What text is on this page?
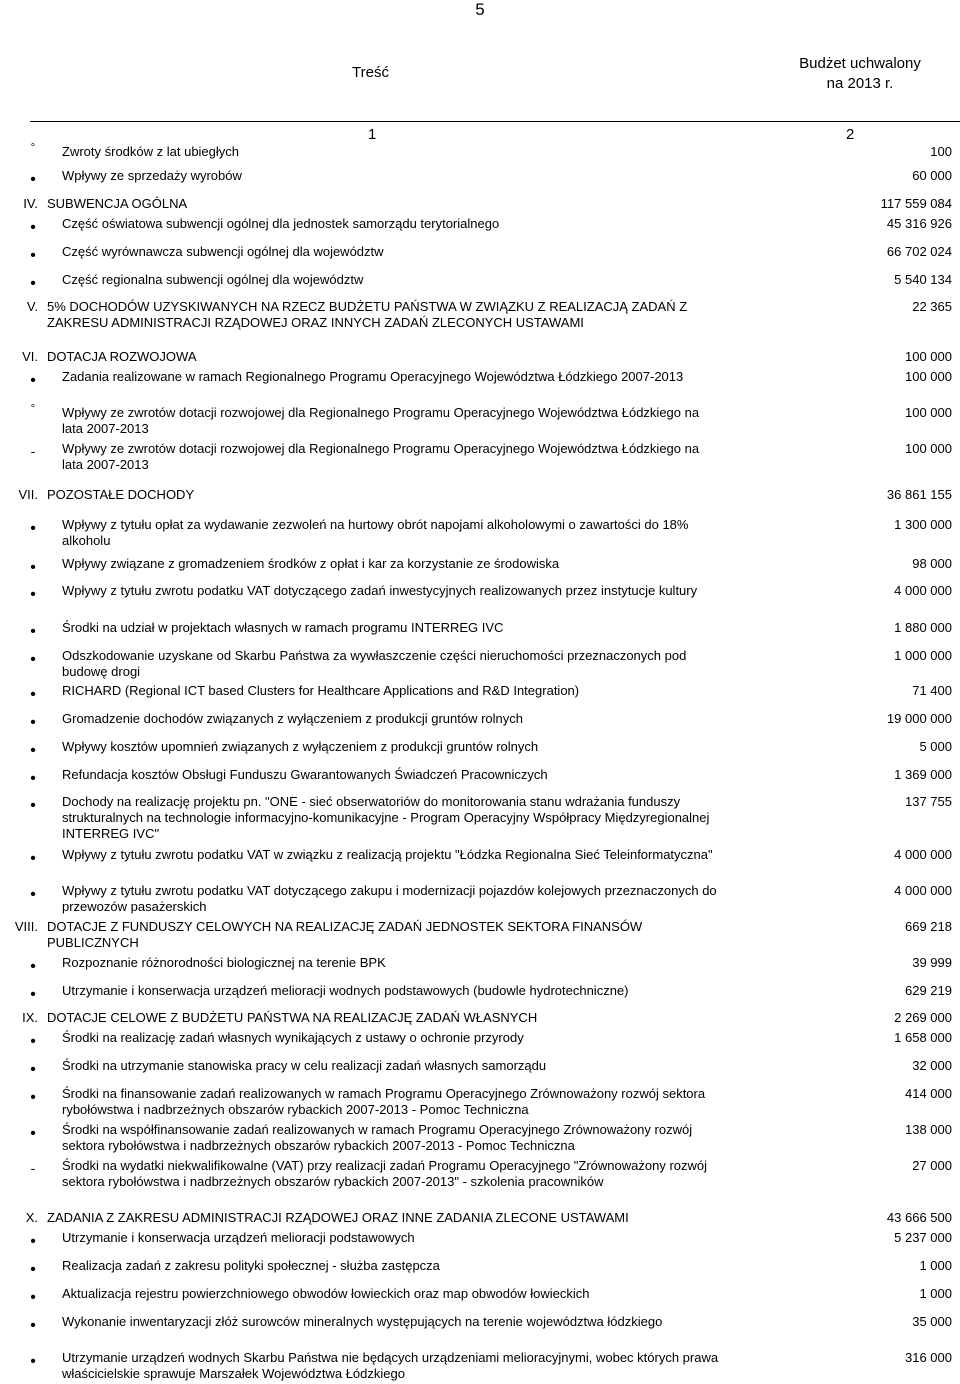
5
Treść
Budżet uchwalony na 2013 r.
1	2
°	Zwroty środków z lat ubiegłych	100
•	Wpływy ze sprzedaży wyrobów	60 000
IV. SUBWENCJA OGÓLNA	117 559 084
•	Część oświatowa subwencji ogólnej dla jednostek samorządu terytorialnego	45 316 926
•	Część wyrównawcza subwencji ogólnej dla województw	66 702 024
•	Część regionalna subwencji ogólnej dla województw	5 540 134
V. 5% DOCHODÓW UZYSKIWANYCH NA RZECZ BUDŻETU PAŃSTWA W ZWIĄZKU Z REALIZACJĄ ZADAŃ Z ZAKRESU ADMINISTRACJI RZĄDOWEJ ORAZ INNYCH ZADAŃ ZLECONYCH USTAWAMI
22 365
VI. DOTACJA ROZWOJOWA	100 000
•	Zadania realizowane w ramach Regionalnego Programu Operacyjnego Województwa Łódzkiego 2007-2013	100 000
°	Wpływy ze zwrotów dotacji rozwojowej dla Regionalnego Programu Operacyjnego Województwa Łódzkiego na lata 2007-2013
100 000
-	Wpływy ze zwrotów dotacji rozwojowej dla Regionalnego Programu Operacyjnego Województwa Łódzkiego na lata 2007-2013
100 000
VII. POZOSTAŁE DOCHODY	36 861 155
•	Wpływy z tytułu opłat za wydawanie zezwoleń na hurtowy obrót napojami alkoholowymi o zawartości do 18% alkoholu
1 300 000
•	Wpływy związane z gromadzeniem środków z opłat i kar za korzystanie ze środowiska	98 000
•	Wpływy z tytułu zwrotu podatku VAT dotyczącego zadań inwestycyjnych realizowanych przez instytucje kultury	4 000 000
•	Środki na udział w projektach własnych w ramach programu INTERREG IVC	1 880 000
•	Odszkodowanie uzyskane od Skarbu Państwa za wywłaszczenie części nieruchomości przeznaczonych pod budowę drogi
1 000 000
•	RICHARD (Regional ICT based Clusters for Healthcare Applications and R&D Integration)	71 400
•	Gromadzenie dochodów związanych z wyłączeniem z produkcji gruntów rolnych	19 000 000
•	Wpływy kosztów upomnień związanych z wyłączeniem z produkcji gruntów rolnych	5 000
•	Refundacja kosztów Obsługi Funduszu Gwarantowanych Świadczeń Pracowniczych	1 369 000
•	Dochody na realizację projektu pn. "ONE - sieć obserwatoriów do monitorowania stanu wdrażania funduszy strukturalnych na technologie informacyjno-komunikacyjne - Program Operacyjny Współpracy Międzyregionalnej INTERREG IVC"
137 755
•	Wpływy z tytułu zwrotu podatku VAT w związku z realizacją projektu "Łódzka Regionalna Sieć Teleinformatyczna"	4 000 000
•	Wpływy z tytułu zwrotu podatku VAT dotyczącego zakupu i modernizacji pojazdów kolejowych przeznaczonych do przewozów pasażerskich
4 000 000
VIII. DOTACJE Z FUNDUSZY CELOWYCH NA REALIZACJĘ ZADAŃ JEDNOSTEK SEKTORA FINANSÓW PUBLICZNYCH
669 218
•	Rozpoznanie różnorodności biologicznej na terenie BPK	39 999
•	Utrzymanie i konserwacja urządzeń melioracji wodnych podstawowych (budowle hydrotechniczne)	629 219
IX. DOTACJE CELOWE Z BUDŻETU PAŃSTWA NA REALIZACJĘ ZADAŃ WŁASNYCH	2 269 000
•	Środki na realizację zadań własnych wynikających z ustawy o ochronie przyrody	1 658 000
•	Środki na utrzymanie stanowiska pracy w celu realizacji zadań własnych samorządu	32 000
•	Środki na finansowanie zadań realizowanych w ramach Programu Operacyjnego Zrównoważony rozwój sektora rybołówstwa i nadbrzeżnych obszarów rybackich 2007-2013 - Pomoc Techniczna
414 000
•	Środki na współfinansowanie zadań realizowanych w ramach Programu Operacyjnego Zrównoważony rozwój sektora rybołówstwa i nadbrzeżnych obszarów rybackich 2007-2013 - Pomoc Techniczna
138 000
-	Środki na wydatki niekwalifikowalne (VAT) przy realizacji zadań Programu Operacyjnego "Zrównoważony rozwój sektora rybołówstwa i nadbrzeżnych obszarów rybackich 2007-2013" - szkolenia pracowników
27 000
X. ZADANIA Z ZAKRESU ADMINISTRACJI RZĄDOWEJ ORAZ INNE ZADANIA ZLECONE USTAWAMI	43 666 500
•	Utrzymanie i konserwacja urządzeń melioracji podstawowych	5 237 000
•	Realizacja zadań z zakresu polityki społecznej - służba zastępcza	1 000
•	Aktualizacja rejestru powierzchniowego obwodów łowieckich oraz map obwodów łowieckich	1 000
•	Wykonanie inwentaryzacji złóż surowców mineralnych występujących na terenie województwa łódzkiego	35 000
•	Utrzymanie urządzeń wodnych Skarbu Państwa nie będących urządzeniami melioracyjnymi, wobec których prawa właścicielskie sprawuje Marszałek Województwa Łódzkiego
316 000
